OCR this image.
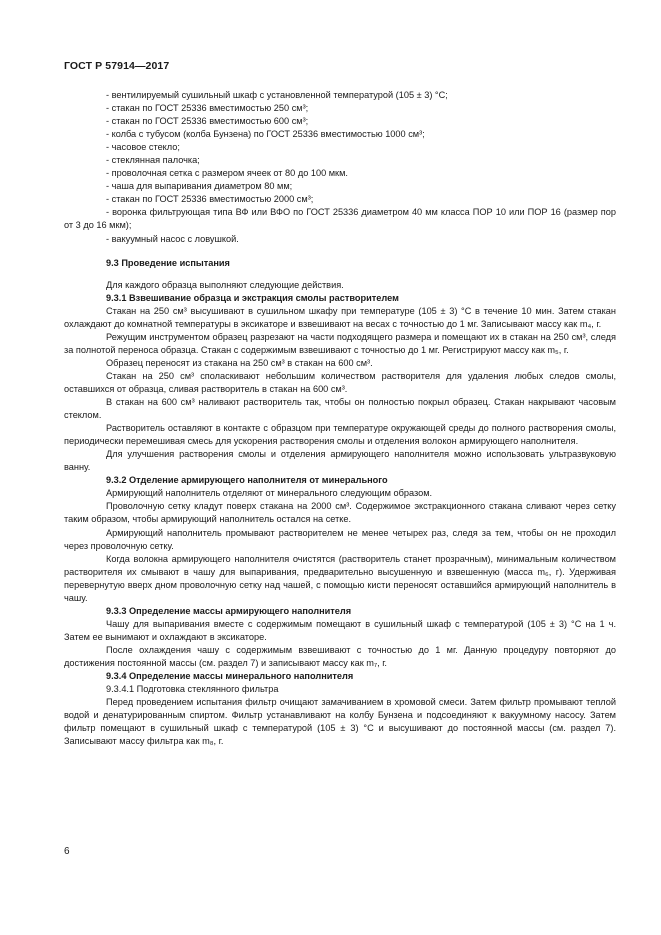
ГОСТ Р 57914—2017

- вентилируемый сушильный шкаф с установленной температурой (105 ± 3) °С;

- стакан по ГОСТ 25336 вместимостью 250 см³;

- стакан по ГОСТ 25336 вместимостью 600 см³;

- колба с тубусом (колба Бунзена) по ГОСТ 25336 вместимостью 1000 см³;

- часовое стекло;

- стеклянная палочка;

- проволочная сетка с размером ячеек от 80 до 100 мкм.

- чаша для выпаривания диаметром 80 мм;

- стакан по ГОСТ 25336 вместимостью 2000 см³;

- воронка фильтрующая типа ВФ или ВФО по ГОСТ 25336 диаметром 40 мм класса ПОР 10 или ПОР 16 (размер пор от 3 до 16 мкм);

- вакуумный насос с ловушкой.

9.3 Проведение испытания

Для каждого образца выполняют следующие действия.

9.3.1 Взвешивание образца и экстракция смолы растворителем

Стакан на 250 см³ высушивают в сушильном шкафу при температуре (105 ± 3) °С в течение 10 мин. Затем стакан охлаждают до комнатной температуры в эксикаторе и взвешивают на весах с точностью до 1 мг. Записывают массу как m₄, г.

Режущим инструментом образец разрезают на части подходящего размера и помещают их в стакан на 250 см³, следя за полнотой переноса образца. Стакан с содержимым взвешивают с точностью до 1 мг. Регистрируют массу как m₅, г.

Образец переносят из стакана на 250 см³ в стакан на 600 см³.

Стакан на 250 см³ споласкивают небольшим количеством растворителя для удаления любых следов смолы, оставшихся от образца, сливая растворитель в стакан на 600 см³.

В стакан на 600 см³ наливают растворитель так, чтобы он полностью покрыл образец. Стакан накрывают часовым стеклом.

Растворитель оставляют в контакте с образцом при температуре окружающей среды до полного растворения смолы, периодически перемешивая смесь для ускорения растворения смолы и отделения волокон армирующего наполнителя.

Для улучшения растворения смолы и отделения армирующего наполнителя можно использовать ультразвуковую ванну.

9.3.2 Отделение армирующего наполнителя от минерального

Армирующий наполнитель отделяют от минерального следующим образом.

Проволочную сетку кладут поверх стакана на 2000 см³. Содержимое экстракционного стакана сливают через сетку таким образом, чтобы армирующий наполнитель остался на сетке.

Армирующий наполнитель промывают растворителем не менее четырех раз, следя за тем, чтобы он не проходил через проволочную сетку.

Когда волокна армирующего наполнителя очистятся (растворитель станет прозрачным), минимальным количеством растворителя их смывают в чашу для выпаривания, предварительно высушенную и взвешенную (масса m₆, г). Удерживая перевернутую вверх дном проволочную сетку над чашей, с помощью кисти переносят оставшийся армирующий наполнитель в чашу.

9.3.3 Определение массы армирующего наполнителя

Чашу для выпаривания вместе с содержимым помещают в сушильный шкаф с температурой (105 ± 3) °С на 1 ч. Затем ее вынимают и охлаждают в эксикаторе.

После охлаждения чашу с содержимым взвешивают с точностью до 1 мг. Данную процедуру повторяют до достижения постоянной массы (см. раздел 7) и записывают массу как m₇, г.

9.3.4 Определение массы минерального наполнителя

9.3.4.1 Подготовка стеклянного фильтра

Перед проведением испытания фильтр очищают замачиванием в хромовой смеси. Затем фильтр промывают теплой водой и денатурированным спиртом. Фильтр устанавливают на колбу Бунзена и подсоединяют к вакуумному насосу. Затем фильтр помещают в сушильный шкаф с температурой (105 ± 3) °С и высушивают до постоянной массы (см. раздел 7). Записывают массу фильтра как m₈, г.

6
